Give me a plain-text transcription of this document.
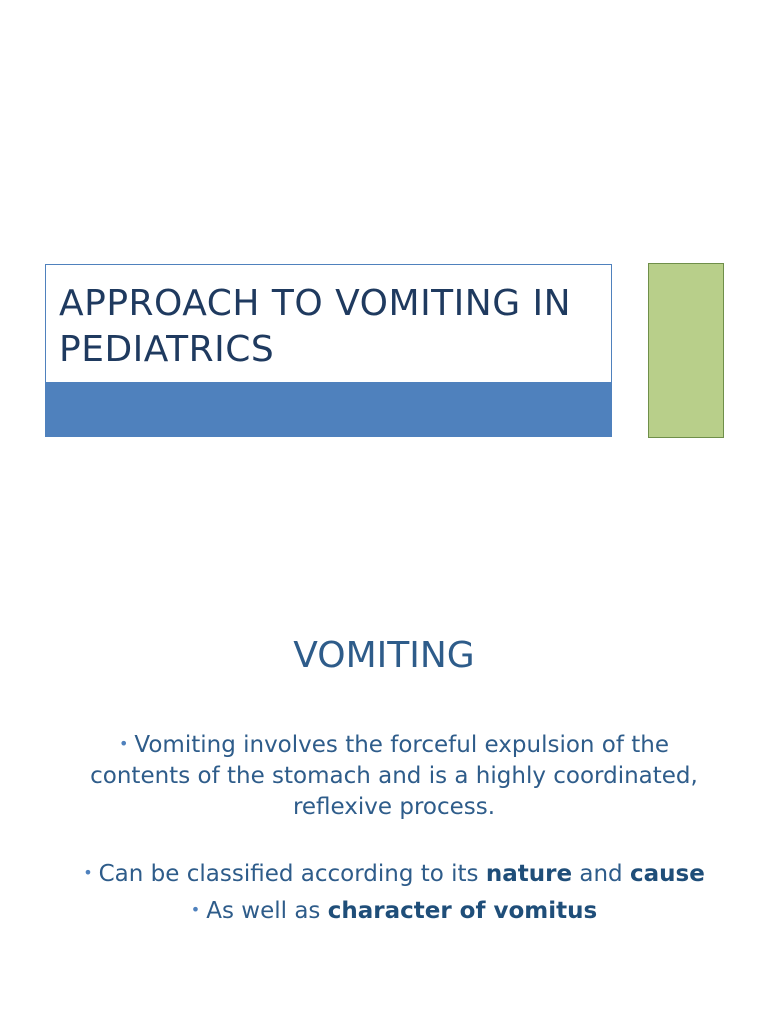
APPROACH TO VOMITING IN PEDIATRICS
VOMITING
• Vomiting involves the forceful expulsion of the contents of the stomach and is a highly coordinated, reflexive process.
• Can be classified according to its nature and cause
• As well as character of vomitus
